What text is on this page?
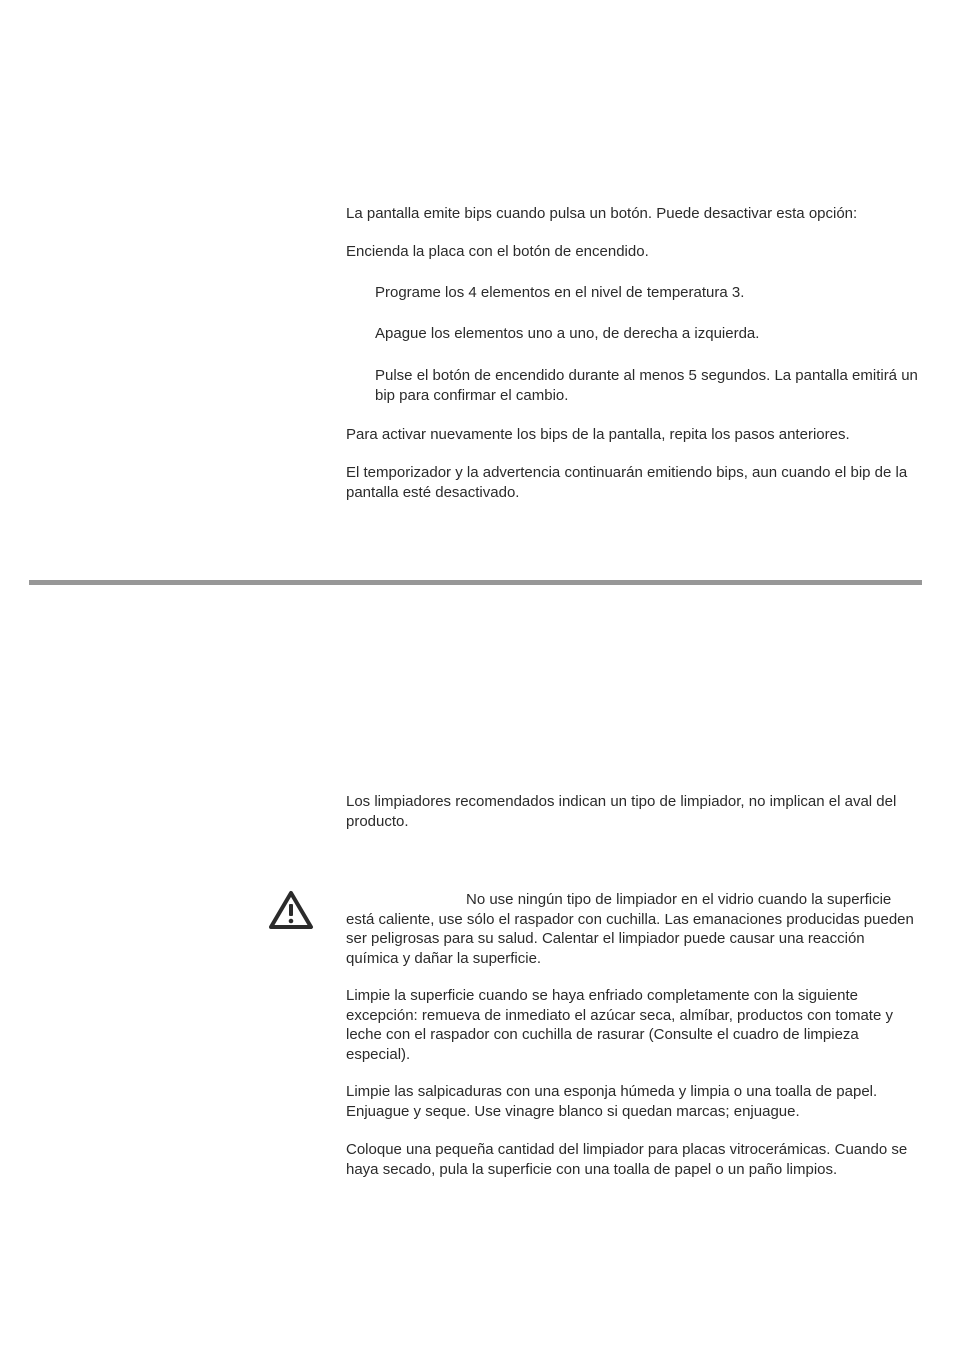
La pantalla emite bips cuando pulsa un botón. Puede desactivar esta opción:

Encienda la placa con el botón de encendido.

Programe los 4 elementos en el nivel de temperatura 3.

Apague los elementos uno a uno, de derecha a izquierda.

Pulse el botón de encendido durante al menos 5 segundos. La pantalla emitirá un bip para confirmar el cambio.

Para activar nuevamente los bips de la pantalla, repita los pasos anteriores.

El temporizador y la advertencia continuarán emitiendo bips, aun cuando el bip de la pantalla esté desactivado.

Los limpiadores recomendados indican un tipo de limpiador, no implican el aval del producto.

No use ningún tipo de limpiador en el vidrio cuando la superficie está caliente, use sólo el raspador con cuchilla. Las emanaciones producidas pueden ser peligrosas para su salud. Calentar el limpiador puede causar una reacción química y dañar la superficie.

Limpie la superficie cuando se haya enfriado completamente con la siguiente excepción: remueva de inmediato el azúcar seca, almíbar, productos con tomate y leche con el raspador con cuchilla de rasurar (Consulte el cuadro de limpieza especial).

Limpie las salpicaduras con una esponja húmeda y limpia o una toalla de papel. Enjuague y seque. Use vinagre blanco si quedan marcas; enjuague.

Coloque una pequeña cantidad del limpiador para placas vitrocerámicas. Cuando se haya secado, pula la superficie con una toalla de papel o un paño limpios.
